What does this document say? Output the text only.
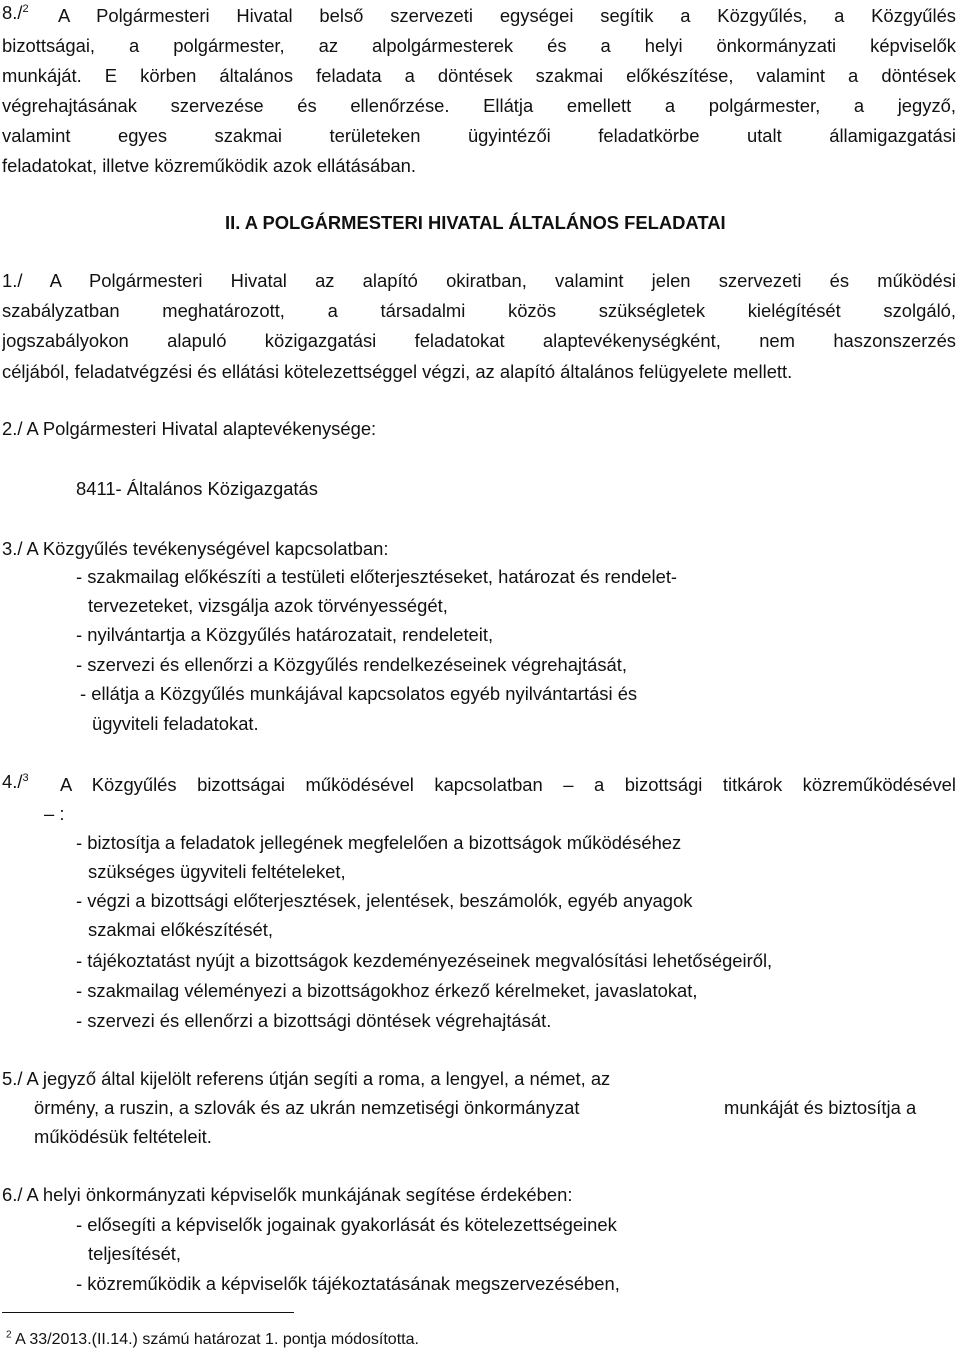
8./$^2$ A Polgármesteri Hivatal belső szervezeti egységei segítik a Közgyűlés, a Közgyűlés
bizottságai, a polgármester, az alpolgármesterek és a helyi önkormányzati képviselők
munkáját. E körben általános feladata a döntések szakmai előkészítése, valamint a döntések
végrehajtásának szervezése és ellenőrzése. Ellátja emellett a polgármester, a jegyző,
valamint egyes szakmai területeken ügyintézői feladatkörbe utalt államigazgatási
feladatokat, illetve közreműködik azok ellátásában.
II. A POLGÁRMESTERI HIVATAL ÁLTALÁNOS FELADATAI
1./ A Polgármesteri Hivatal az alapító okiratban, valamint jelen szervezeti és működési
szabályzatban meghatározott, a társadalmi közös szükségletek kielégítését szolgáló,
jogszabályokon alapuló közigazgatási feladatokat alaptevékenységként, nem haszonszerzés
céljából, feladatvégzési és ellátási kötelezettséggel végzi, az alapító általános felügyelete mellett.
2./ A Polgármesteri Hivatal alaptevékenysége:
8411- Általános Közigazgatás
3./ A Közgyűlés tevékenységével kapcsolatban:
- szakmailag előkészíti a testületi előterjesztéseket, határozat és rendelet-
tervezeteket, vizsgálja azok törvényességét,
- nyilvántartja a Közgyűlés határozatait, rendeleteit,
- szervezi és ellenőrzi a Közgyűlés rendelkezéseinek végrehajtását,
- ellátja a Közgyűlés munkájával kapcsolatos egyéb nyilvántartási és
ügyviteli feladatokat.
4./$^3$ A Közgyűlés bizottságai működésével kapcsolatban – a bizottsági titkárok közreműködésével
– :
- biztosítja a feladatok jellegének megfelelően a bizottságok működéséhez
szükséges ügyviteli feltételeket,
- végzi a bizottsági előterjesztések, jelentések, beszámolók, egyéb anyagok
szakmai előkészítését,
- tájékoztatást nyújt a bizottságok kezdeményezéseinek megvalósítási lehetőségeiről,
- szakmailag véleményezi a bizottságokhoz érkező kérelmeket, javaslatokat,
- szervezi és ellenőrzi a bizottsági döntések végrehajtását.
5./ A jegyző által kijelölt referens útján segíti a roma, a lengyel, a német, az
örmény, a ruszin, a szlovák és az ukrán nemzetiségi önkormányzat	munkáját és biztosítja a
működésük feltételeit.
6./ A helyi önkormányzati képviselők munkájának segítése érdekében:
- elősegíti a képviselők jogainak gyakorlását és kötelezettségeinek
teljesítését,
- közreműködik a képviselők tájékoztatásának megszervezésében,
$^2$ A 33/2013.(II.14.) számú határozat 1. pontja módosította.
